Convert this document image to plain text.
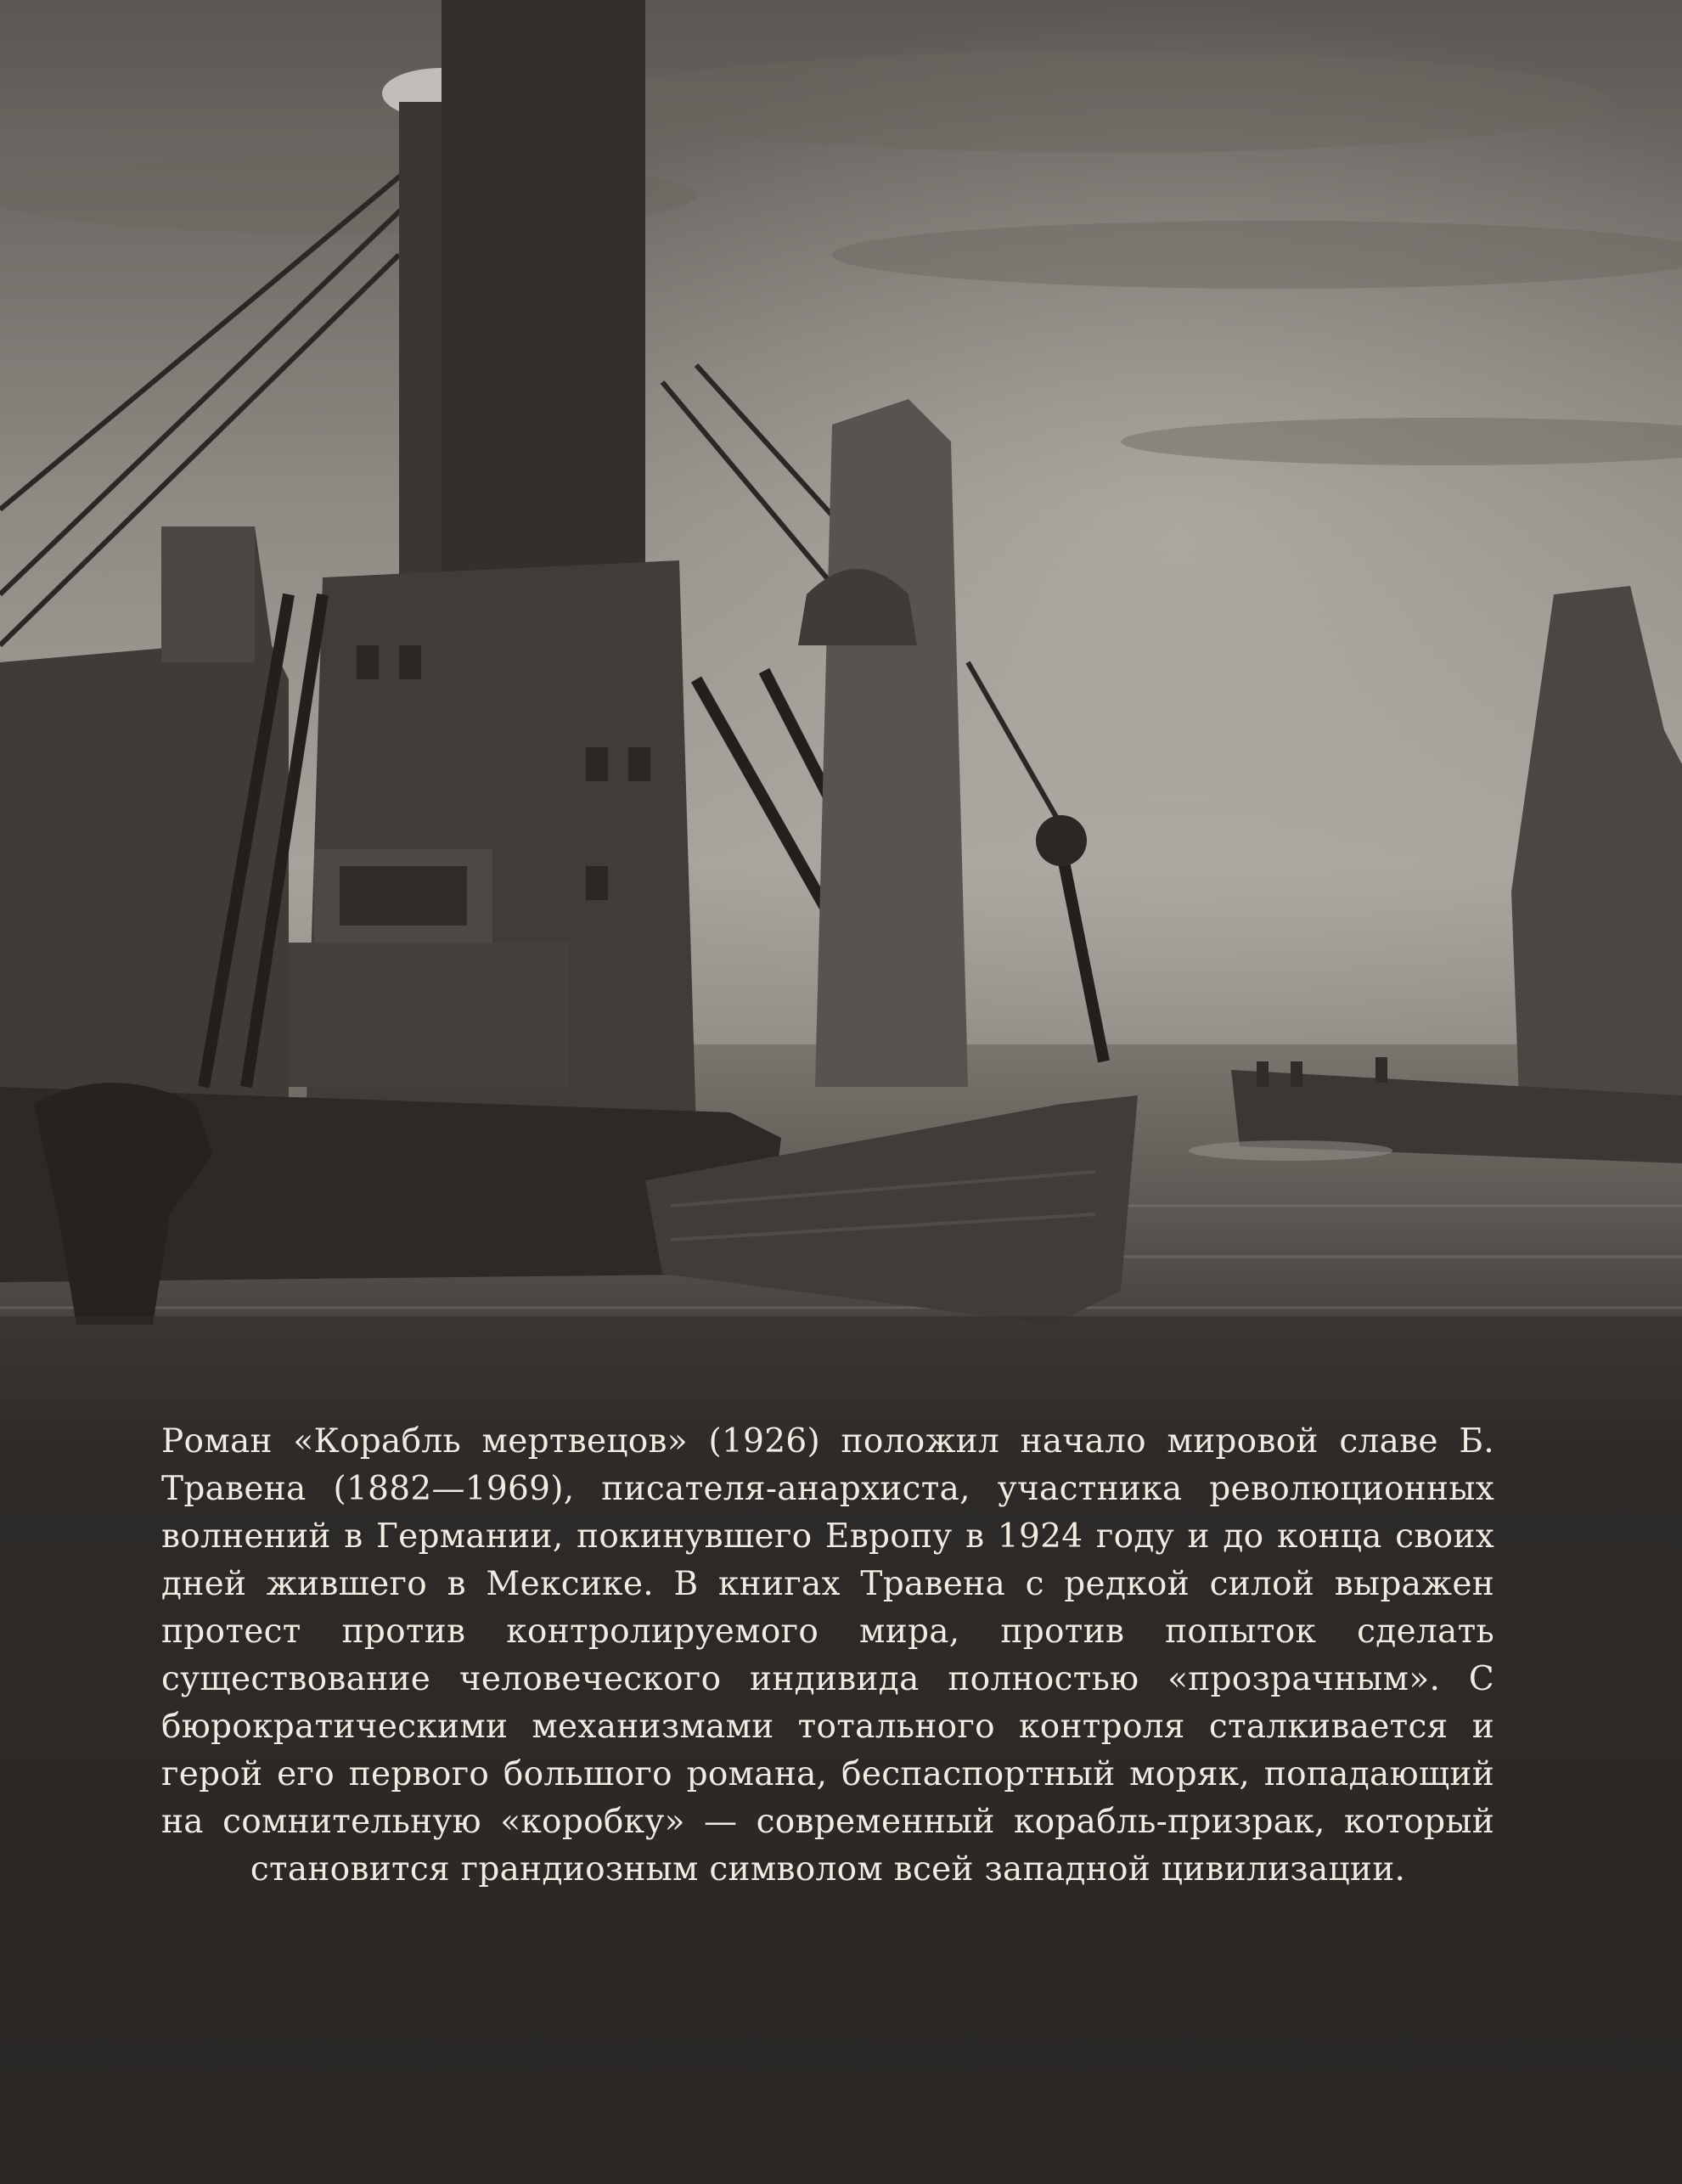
Роман «Корабль мертвецов» (1926) положил начало мировой славе Б. Травена (1882—1969), писателя-анархиста, участника революционных волнений в Германии, покинувшего Европу в 1924 году и до конца своих дней жившего в Мексике. В книгах Травена с редкой силой выражен протест против контролируемого мира, против попыток сделать существование человеческого индивида полностью «прозрачным». С бюрократическими механизмами тотального контроля сталкивается и герой его первого большого романа, беспаспортный моряк, попадающий на сомнительную «коробку» — современный корабль-призрак, который становится грандиозным символом всей западной цивилизации.
